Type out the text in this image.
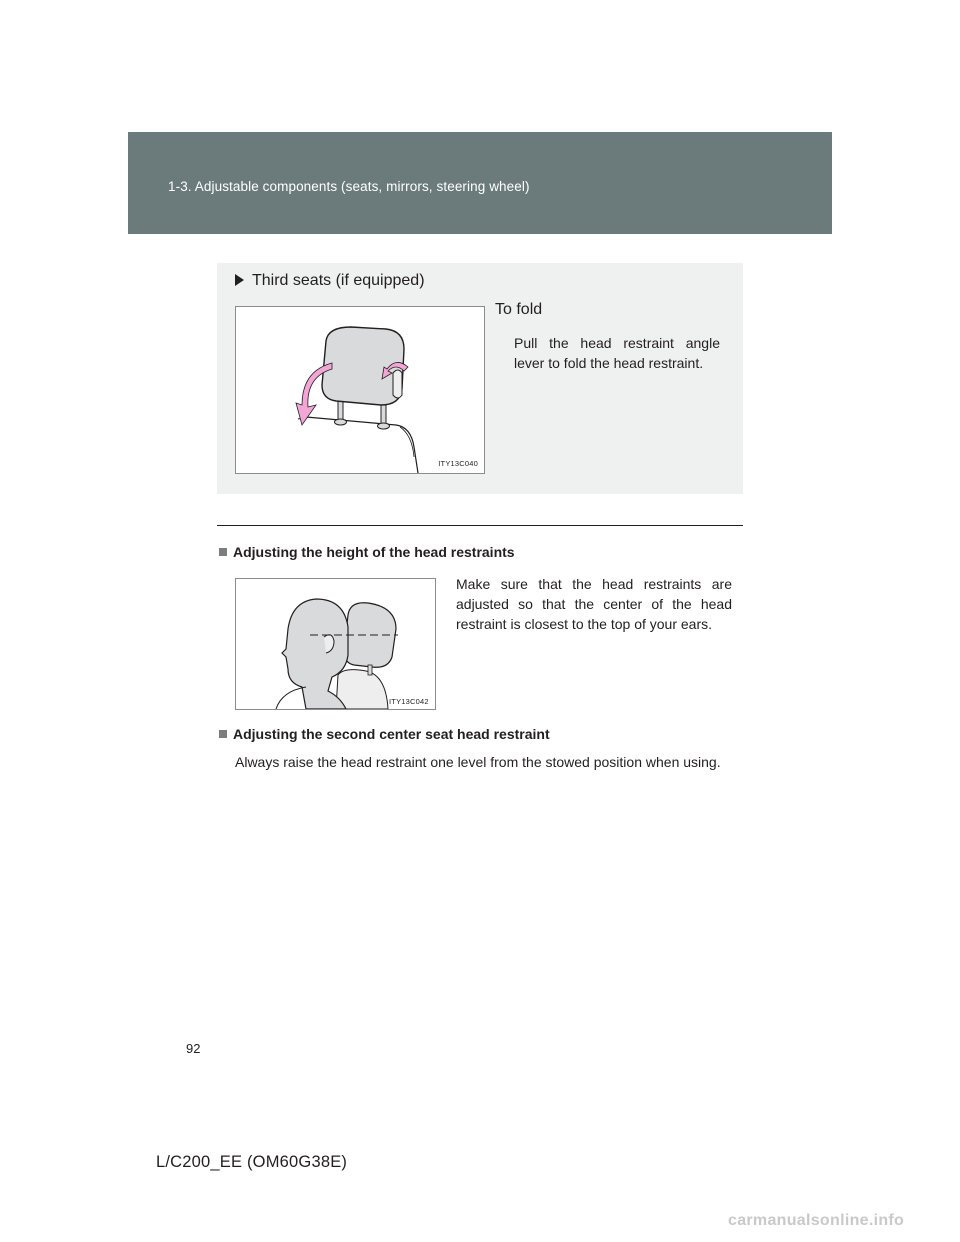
1-3. Adjustable components (seats, mirrors, steering wheel)
Third seats (if equipped)
To fold
Pull the head restraint angle lever to fold the head restraint.
ITY13C040
Adjusting the height of the head restraints
ITY13C042
Make sure that the head restraints are adjusted so that the center of the head restraint is closest to the top of your ears.
Adjusting the second center seat head restraint
Always raise the head restraint one level from the stowed position when using.
92
L/C200_EE (OM60G38E)
carmanualsonline.info
